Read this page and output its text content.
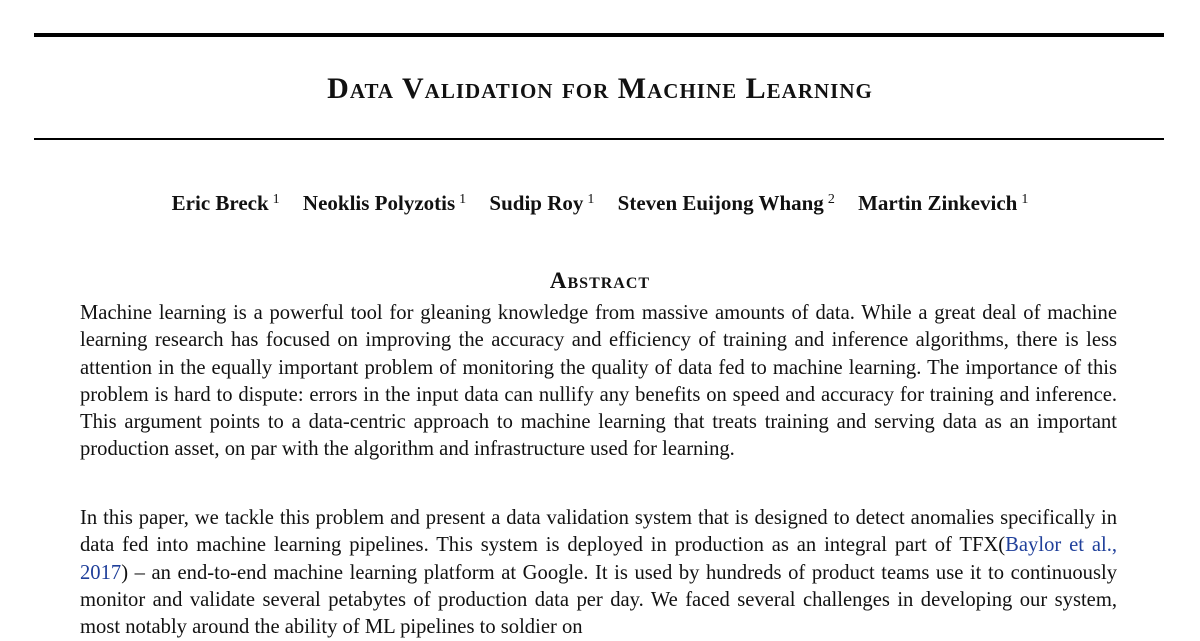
Data Validation for Machine Learning
Eric Breck $^1$ Neoklis Polyzotis $^1$ Sudip Roy $^1$ Steven Euijong Whang $^2$ Martin Zinkevich $^1$
Abstract

Machine learning is a powerful tool for gleaning knowledge from massive amounts of data. While a great deal of machine learning research has focused on improving the accuracy and efficiency of training and inference algorithms, there is less attention in the equally important problem of monitoring the quality of data fed to machine learning. The importance of this problem is hard to dispute: errors in the input data can nullify any benefits on speed and accuracy for training and inference. This argument points to a data-centric approach to machine learning that treats training and serving data as an important production asset, on par with the algorithm and infrastructure used for learning.

In this paper, we tackle this problem and present a data validation system that is designed to detect anomalies specifically in data fed into machine learning pipelines. This system is deployed in production as an integral part of TFX(Baylor et al., 2017) – an end-to-end machine learning platform at Google. It is used by hundreds of product teams use it to continuously monitor and validate several petabytes of production data per day. We faced several challenges in developing our system, most notably around the ability of ML pipelines to soldier on
